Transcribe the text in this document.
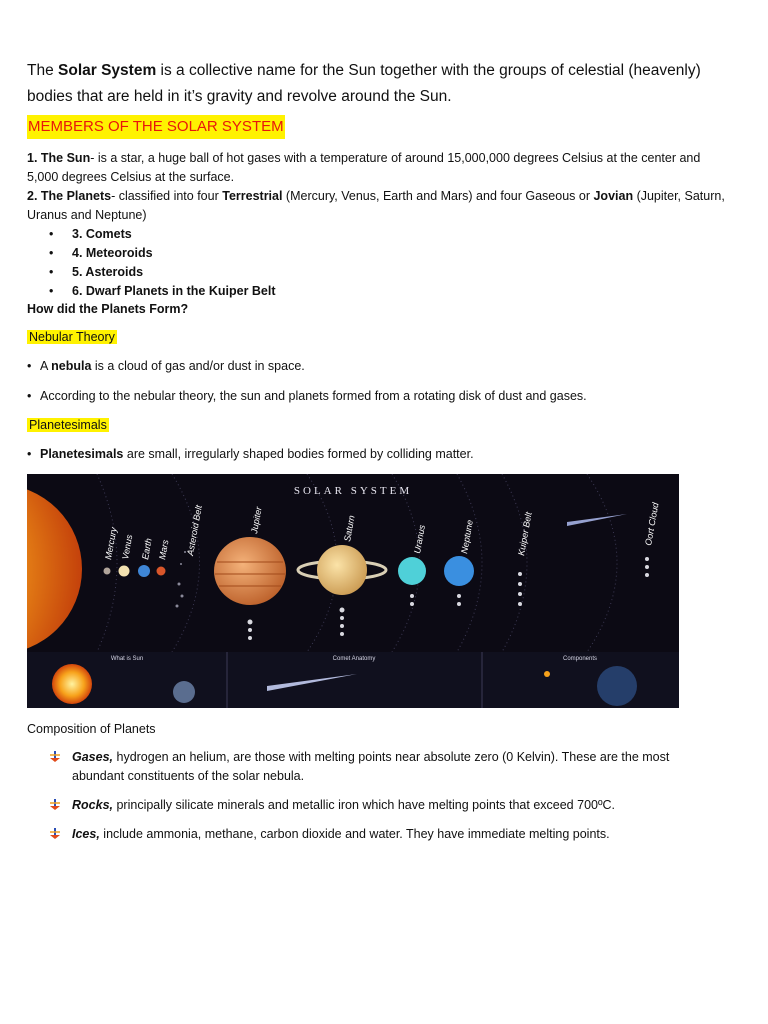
The Solar System is a collective name for the Sun together with the groups of celestial (heavenly) bodies that are held in it’s gravity and revolve around the Sun.
MEMBERS OF THE SOLAR SYSTEM
1. The Sun- is a star, a huge ball of hot gases with a temperature of around 15,000,000 degrees Celsius at the center and 5,000 degrees Celsius at the surface.
2. The Planets- classified into four Terrestrial (Mercury, Venus, Earth and Mars) and four Gaseous or Jovian (Jupiter, Saturn, Uranus and Neptune)
• 3. Comets
• 4. Meteoroids
• 5. Asteroids
• 6. Dwarf Planets in the Kuiper Belt
How did the Planets Form?
Nebular Theory
• A nebula is a cloud of gas and/or dust in space.
• According to the nebular theory, the sun and planets formed from a rotating disk of dust and gases.
Planetesimals
• Planetesimals are small, irregularly shaped bodies formed by colliding matter.
SOLAR SYSTEM
Mercury Venus Earth Mars Asteroid Belt	Jupiter	Saturn	Uranus	Neptune	Kuiper Belt	Oort Cloud
What is Sun	Comet Anatomy	Components
Composition of Planets
Gases, hydrogen an helium, are those with melting points near absolute zero (0 Kelvin). These are the most abundant constituents of the solar nebula.
Rocks, principally silicate minerals and metallic iron which have melting points that exceed 700ºC.
Ices, include ammonia, methane, carbon dioxide and water. They have immediate melting points.
